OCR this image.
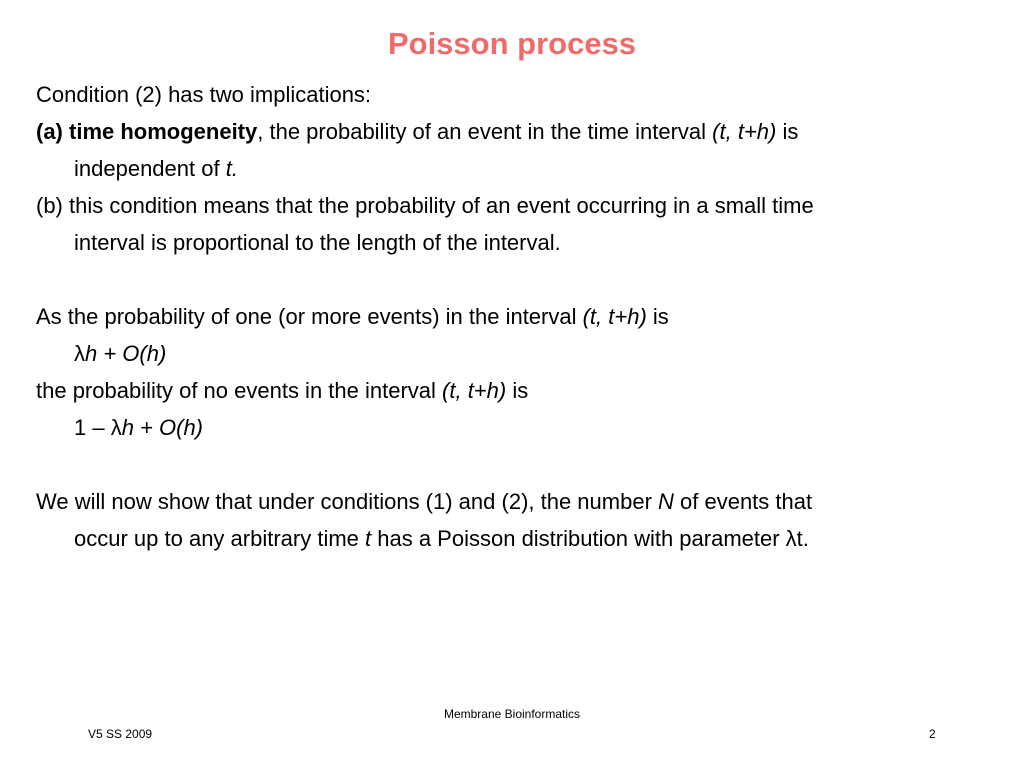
Poisson process
Condition (2) has two implications:
(a) time homogeneity, the probability of an event in the time interval (t, t+h) is
independent of t.
(b) this condition means that the probability of an event occurring in a small time
interval is proportional to the length of the interval.
As the probability of one (or more events) in the interval (t, t+h) is
λh + O(h)
the probability of no events in the interval (t, t+h) is
1 – λh + O(h)
We will now show that under conditions (1) and (2), the number N of events that
occur up to any arbitrary time t has a Poisson distribution with parameter λt.
Membrane Bioinformatics
V5 SS 2009	2
